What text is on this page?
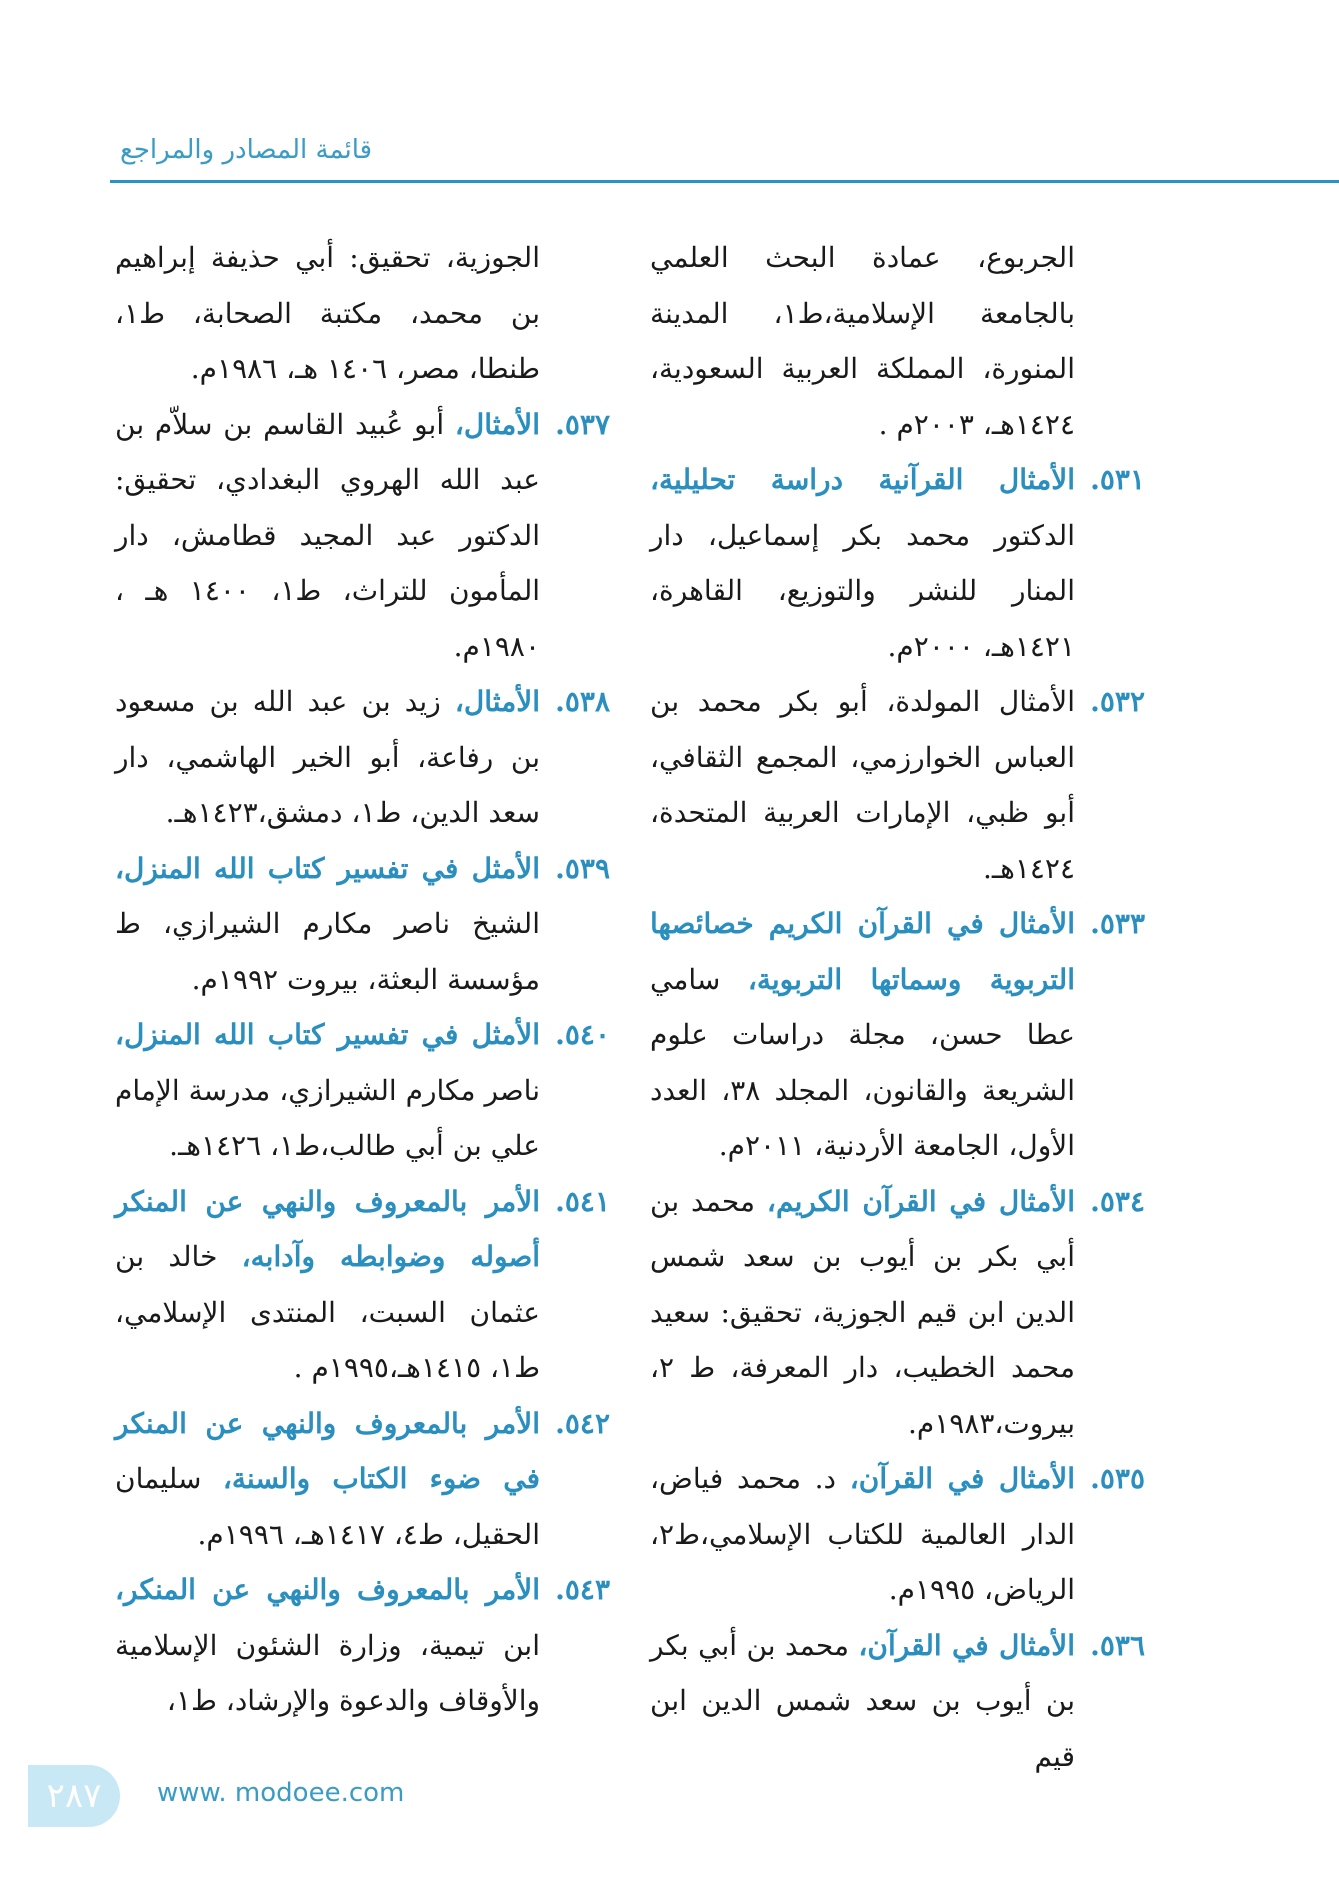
قائمة المصادر والمراجع

الجربوع، عمادة البحث العلمي بالجامعة الإسلامية،ط١، المدينة المنورة، المملكة العربية السعودية، ١٤٢٤هـ، ٢٠٠٣م .

٥٣١.الأمثال القرآنية دراسة تحليلية، الدكتور محمد بكر إسماعيل، دار المنار للنشر والتوزيع، القاهرة، ١٤٢١هـ، ٢٠٠٠م.

٥٣٢.الأمثال المولدة، أبو بكر محمد بن العباس الخوارزمي، المجمع الثقافي، أبو ظبي، الإمارات العربية المتحدة، ١٤٢٤هـ.

٥٣٣.الأمثال في القرآن الكريم خصائصها التربوية وسماتها التربوية، سامي عطا حسن، مجلة دراسات علوم الشريعة والقانون، المجلد ٣٨، العدد الأول، الجامعة الأردنية، ٢٠١١م.

٥٣٤.الأمثال في القرآن الكريم، محمد بن أبي بكر بن أيوب بن سعد شمس الدين ابن قيم الجوزية، تحقيق: سعيد محمد الخطيب، دار المعرفة، ط ٢، بيروت،١٩٨٣م.

٥٣٥.الأمثال في القرآن، د. محمد فياض، الدار العالمية للكتاب الإسلامي،ط٢، الرياض، ١٩٩٥م.

٥٣٦.الأمثال في القرآن، محمد بن أبي بكر بن أيوب بن سعد شمس الدين ابن قيم

الجوزية، تحقيق: أبي حذيفة إبراهيم بن محمد، مكتبة الصحابة، ط١، طنطا، مصر، ١٤٠٦ هـ، ١٩٨٦م.

٥٣٧.الأمثال، أبو عُبيد القاسم بن سلاّم بن عبد الله الهروي البغدادي، تحقيق: الدكتور عبد المجيد قطامش، دار المأمون للتراث، ط١، ١٤٠٠ هـ ، ١٩٨٠م.

٥٣٨.الأمثال، زيد بن عبد الله بن مسعود بن رفاعة، أبو الخير الهاشمي، دار سعد الدين، ط١، دمشق،١٤٢٣هـ.

٥٣٩.الأمثل في تفسير كتاب الله المنزل، الشيخ ناصر مكارم الشيرازي، ط مؤسسة البعثة، بيروت ١٩٩٢م.

٥٤٠.الأمثل في تفسير كتاب الله المنزل، ناصر مكارم الشيرازي، مدرسة الإمام علي بن أبي طالب،ط١، ١٤٢٦هـ.

٥٤١.الأمر بالمعروف والنهي عن المنكر أصوله وضوابطه وآدابه، خالد بن عثمان السبت، المنتدى الإسلامي، ط١، ١٤١٥هـ،١٩٩٥م .

٥٤٢.الأمر بالمعروف والنهي عن المنكر في ضوء الكتاب والسنة، سليمان الحقيل، ط٤، ١٤١٧هـ، ١٩٩٦م.

٥٤٣.الأمر بالمعروف والنهي عن المنكر، ابن تيمية، وزارة الشئون الإسلامية والأوقاف والدعوة والإرشاد، ط١،

٢٨٧	www. modoee.com
